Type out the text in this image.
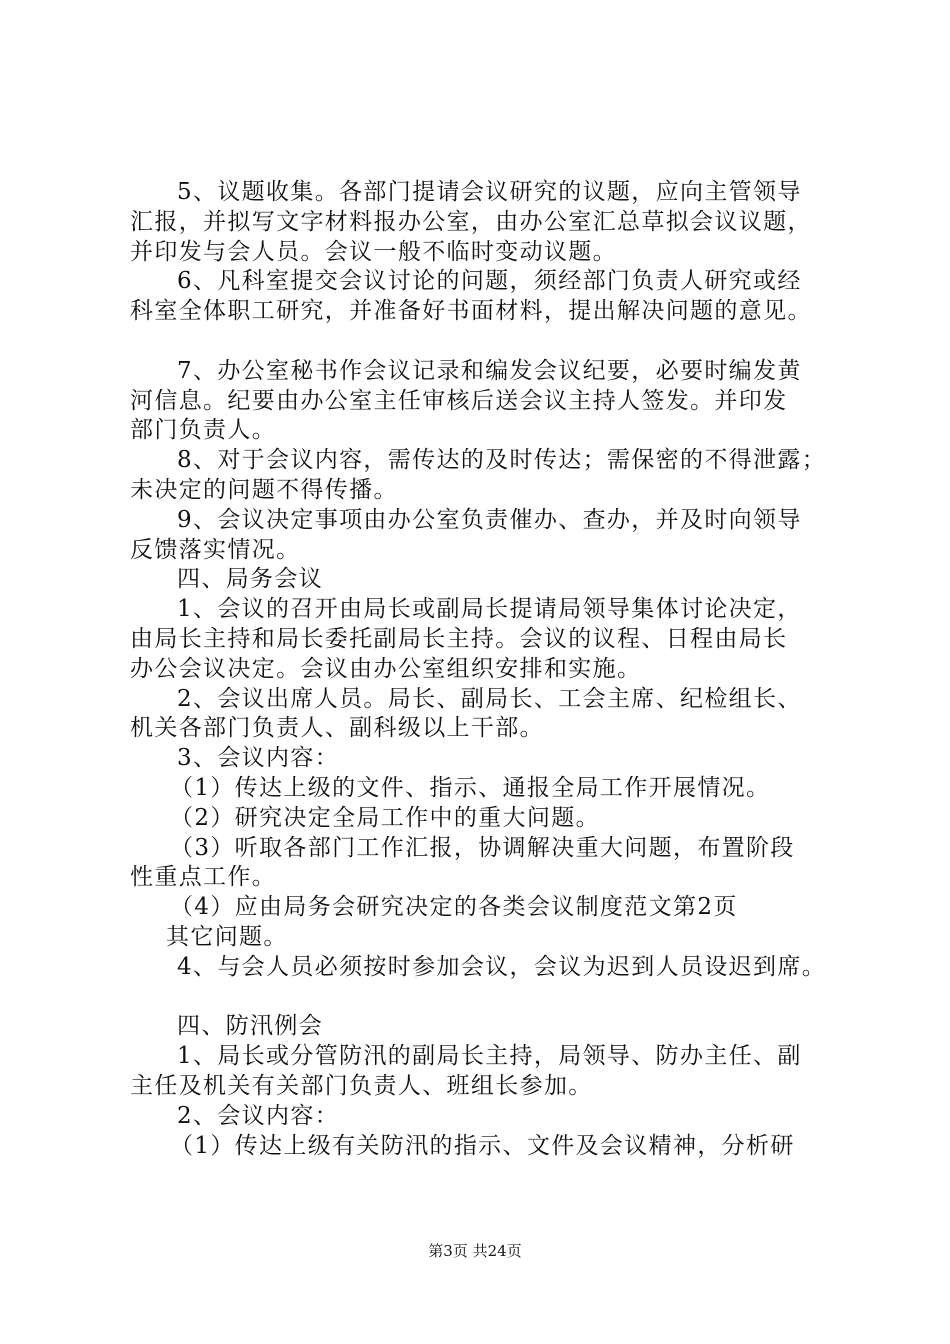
5、议题收集。各部门提请会议研究的议题，应向主管领导
汇报，并拟写文字材料报办公室，由办公室汇总草拟会议议题，
并印发与会人员。会议一般不临时变动议题。
6、凡科室提交会议讨论的问题，须经部门负责人研究或经
科室全体职工研究，并准备好书面材料，提出解决问题的意见。
7、办公室秘书作会议记录和编发会议纪要，必要时编发黄
河信息。纪要由办公室主任审核后送会议主持人签发。并印发
部门负责人。
8、对于会议内容，需传达的及时传达；需保密的不得泄露；
未决定的问题不得传播。
9、会议决定事项由办公室负责催办、查办，并及时向领导
反馈落实情况。
四、局务会议
1、会议的召开由局长或副局长提请局领导集体讨论决定，
由局长主持和局长委托副局长主持。会议的议程、日程由局长
办公会议决定。会议由办公室组织安排和实施。
2、会议出席人员。局长、副局长、工会主席、纪检组长、
机关各部门负责人、副科级以上干部。
3、会议内容：
（1）传达上级的文件、指示、通报全局工作开展情况。
（2）研究决定全局工作中的重大问题。
（3）听取各部门工作汇报，协调解决重大问题，布置阶段
性重点工作。
（4）应由局务会研究决定的各类会议制度范文第2页
其它问题。
4、与会人员必须按时参加会议，会议为迟到人员设迟到席。
四、防汛例会
1、局长或分管防汛的副局长主持，局领导、防办主任、副
主任及机关有关部门负责人、班组长参加。
2、会议内容：
（1）传达上级有关防汛的指示、文件及会议精神，分析研
第3页 共24页
